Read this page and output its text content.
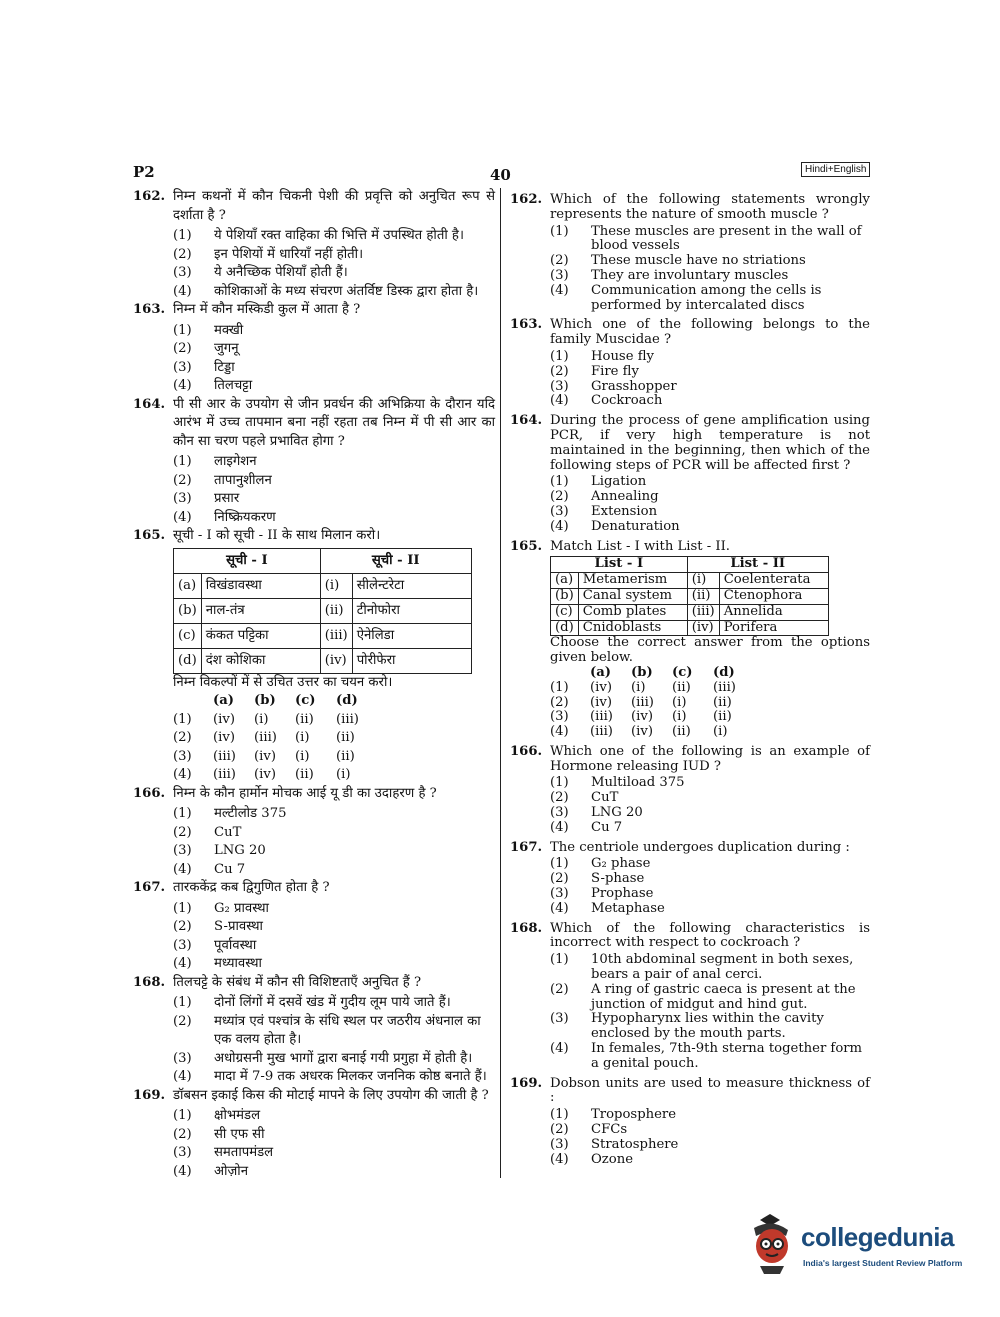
P2	40	Hindi+English
162. निम्न कथनों में कौन चिकनी पेशी की प्रवृत्ति को अनुचित रूप से दर्शाता है ?
(1)	ये पेशियाँ रक्त वाहिका की भित्ति में उपस्थित होती है।
(2)	इन पेशियों में धारियाँ नहीं होती।
(3)	ये अनैच्छिक पेशियाँ होती हैं।
(4)	कोशिकाओं के मध्य संचरण अंतर्विष्ट डिस्क द्वारा होता है।
163. निम्न में कौन मस्किडी कुल में आता है ?
(1)	मक्खी
(2)	जुगनू
(3)	टिड्डा
(4)	तिलचट्टा
164. पी सी आर के उपयोग से जीन प्रवर्धन की अभिक्रिया के दौरान यदि आरंभ में उच्च तापमान बना नहीं रहता तब निम्न में पी सी आर का कौन सा चरण पहले प्रभावित होगा ?
(1)	लाइगेशन
(2)	तापानुशीलन
(3)	प्रसार
(4)	निष्क्रियकरण
165. सूची - I को सूची - II के साथ मिलान करो।
सूची - I		सूची - II	
(a)	विखंडावस्था	(i)	सीलेन्टरेटा
(b)	नाल-तंत्र	(ii)	टीनोफोरा
(c)	कंकत पट्टिका	(iii)	ऐनेलिडा
(d)	दंश कोशिका	(iv)	पोरीफेरा
निम्न विकल्पों में से उचित उत्तर का चयन करो।
(a)	(b)	(c)	(d)
(1)	(iv)	(i)	(ii)	(iii)
(2)	(iv)	(iii)	(i)	(ii)
(3)	(iii)	(iv)	(i)	(ii)
(4)	(iii)	(iv)	(ii)	(i)
166. निम्न के कौन हार्मोन मोचक आई यू डी का उदाहरण है ?
(1)	मल्टीलोड 375
(2)	CuT
(3)	LNG 20
(4)	Cu 7
167. तारककेंद्र कब द्विगुणित होता है ?
(1)	G₂ प्रावस्था
(2)	S-प्रावस्था
(3)	पूर्वावस्था
(4)	मध्यावस्था
168. तिलचट्टे के संबंध में कौन सी विशिष्टताएँ अनुचित हैं ?
(1)	दोनों लिंगों में दसवें खंड में गुदीय लूम पाये जाते हैं।
(2)	मध्यांत्र एवं पश्चांत्र के संधि स्थल पर जठरीय अंधनाल का एक वलय होता है।
(3)	अधोग्रसनी मुख भागों द्वारा बनाई गयी प्रगुहा में होती है।
(4)	मादा में 7-9 तक अधरक मिलकर जननिक कोष्ठ बनाते हैं।
169. डॉबसन इकाई किस की मोटाई मापने के लिए उपयोग की जाती है ?
(1)	क्षोभमंडल
(2)	सी एफ सी
(3)	समतापमंडल
(4)	ओज़ोन
162. Which of the following statements wrongly represents the nature of smooth muscle ?
(1)	These muscles are present in the wall of blood vessels
(2)	These muscle have no striations
(3)	They are involuntary muscles
(4)	Communication among the cells is performed by intercalated discs
163. Which one of the following belongs to the family Muscidae ?
(1)	House fly
(2)	Fire fly
(3)	Grasshopper
(4)	Cockroach
164. During the process of gene amplification using PCR, if very high temperature is not maintained in the beginning, then which of the following steps of PCR will be affected first ?
(1)	Ligation
(2)	Annealing
(3)	Extension
(4)	Denaturation
165. Match List - I with List - II.
List - I		List - II	
(a)	Metamerism	(i)	Coelenterata
(b)	Canal system	(ii)	Ctenophora
(c)	Comb plates	(iii)	Annelida
(d)	Cnidoblasts	(iv)	Porifera
Choose the correct answer from the options given below.
(a)	(b)	(c)	(d)
(1)	(iv)	(i)	(ii)	(iii)
(2)	(iv)	(iii)	(i)	(ii)
(3)	(iii)	(iv)	(i)	(ii)
(4)	(iii)	(iv)	(ii)	(i)
166. Which one of the following is an example of Hormone releasing IUD ?
(1)	Multiload 375
(2)	CuT
(3)	LNG 20
(4)	Cu 7
167. The centriole undergoes duplication during :
(1)	G₂ phase
(2)	S-phase
(3)	Prophase
(4)	Metaphase
168. Which of the following characteristics is incorrect with respect to cockroach ?
(1)	10th abdominal segment in both sexes, bears a pair of anal cerci.
(2)	A ring of gastric caeca is present at the junction of midgut and hind gut.
(3)	Hypopharynx lies within the cavity enclosed by the mouth parts.
(4)	In females, 7th-9th sterna together form a genital pouch.
169. Dobson units are used to measure thickness of :
(1)	Troposphere
(2)	CFCs
(3)	Stratosphere
(4)	Ozone
collegedunia
India's largest Student Review Platform
